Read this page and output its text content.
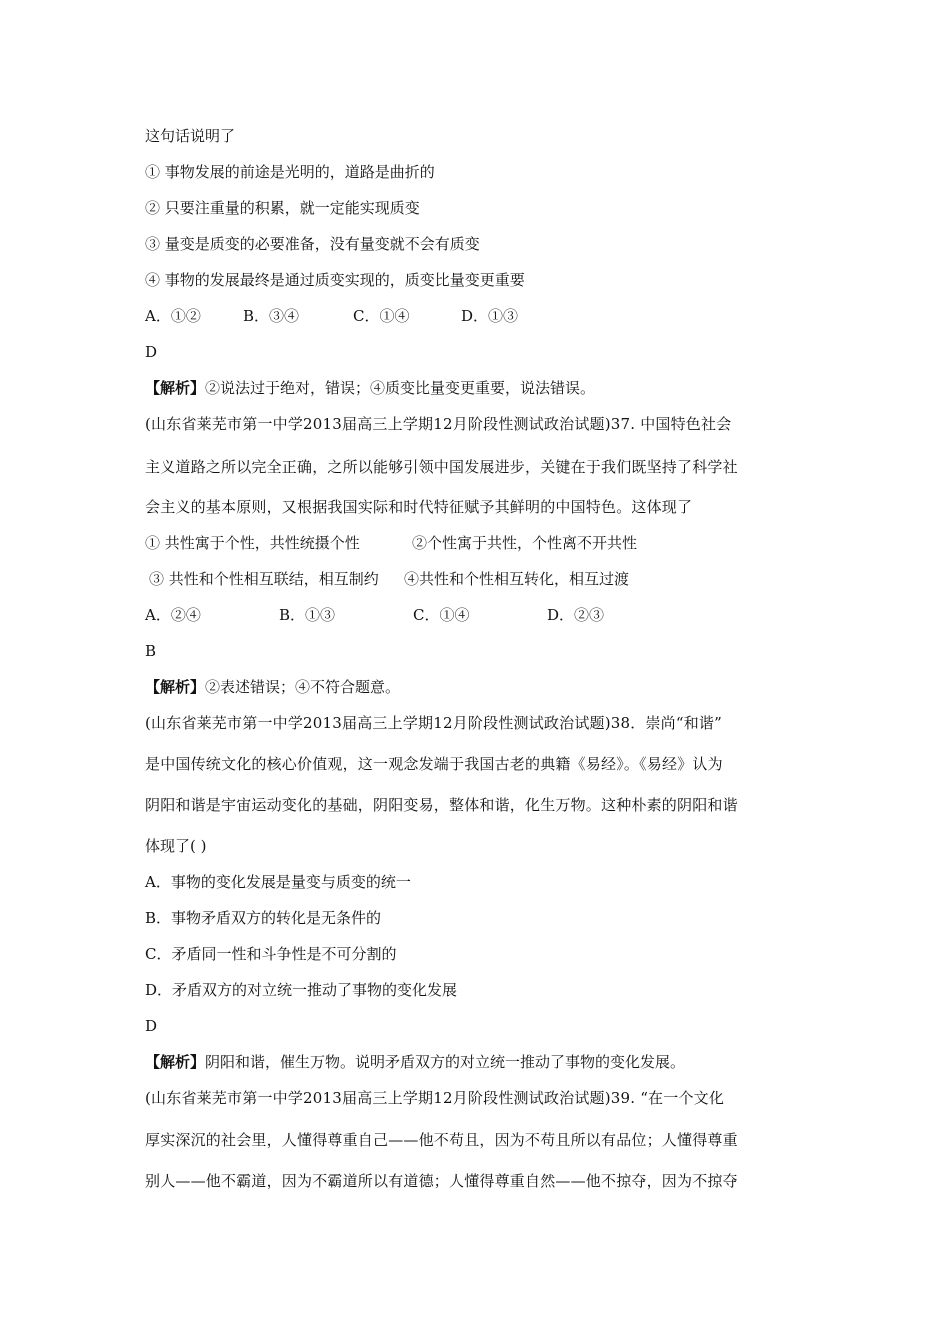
这句话说明了
① 事物发展的前途是光明的，道路是曲折的
② 只要注重量的积累，就一定能实现质变
③ 量变是质变的必要准备，没有量变就不会有质变
④ 事物的发展最终是通过质变实现的，质变比量变更重要
A．①②	B．③④	C．①④	D．①③
D
【解析】②说法过于绝对，错误；④质变比量变更重要，说法错误。
(山东省莱芜市第一中学2013届高三上学期12月阶段性测试政治试题)37. 中国特色社会
主义道路之所以完全正确，之所以能够引领中国发展进步，关键在于我们既坚持了科学社
会主义的基本原则，又根据我国实际和时代特征赋予其鲜明的中国特色。这体现了
① 共性寓于个性，共性统摄个性	②个性寓于共性，个性离不开共性
③ 共性和个性相互联结，相互制约	④共性和个性相互转化，相互过渡
A．②④	B．①③	C．①④	D．②③
B
【解析】②表述错误；④不符合题意。
(山东省莱芜市第一中学2013届高三上学期12月阶段性测试政治试题)38．崇尚“和谐”
是中国传统文化的核心价值观，这一观念发端于我国古老的典籍《易经》。《易经》认为
阴阳和谐是宇宙运动变化的基础，阴阳变易，整体和谐，化生万物。这种朴素的阴阳和谐
体现了( )
A．事物的变化发展是量变与质变的统一
B．事物矛盾双方的转化是无条件的
C．矛盾同一性和斗争性是不可分割的
D．矛盾双方的对立统一推动了事物的变化发展
D
【解析】阴阳和谐，催生万物。说明矛盾双方的对立统一推动了事物的变化发展。
(山东省莱芜市第一中学2013届高三上学期12月阶段性测试政治试题)39. “在一个文化
厚实深沉的社会里，人懂得尊重自己——他不苟且，因为不苟且所以有品位；人懂得尊重
别人——他不霸道，因为不霸道所以有道德；人懂得尊重自然——他不掠夺，因为不掠夺
